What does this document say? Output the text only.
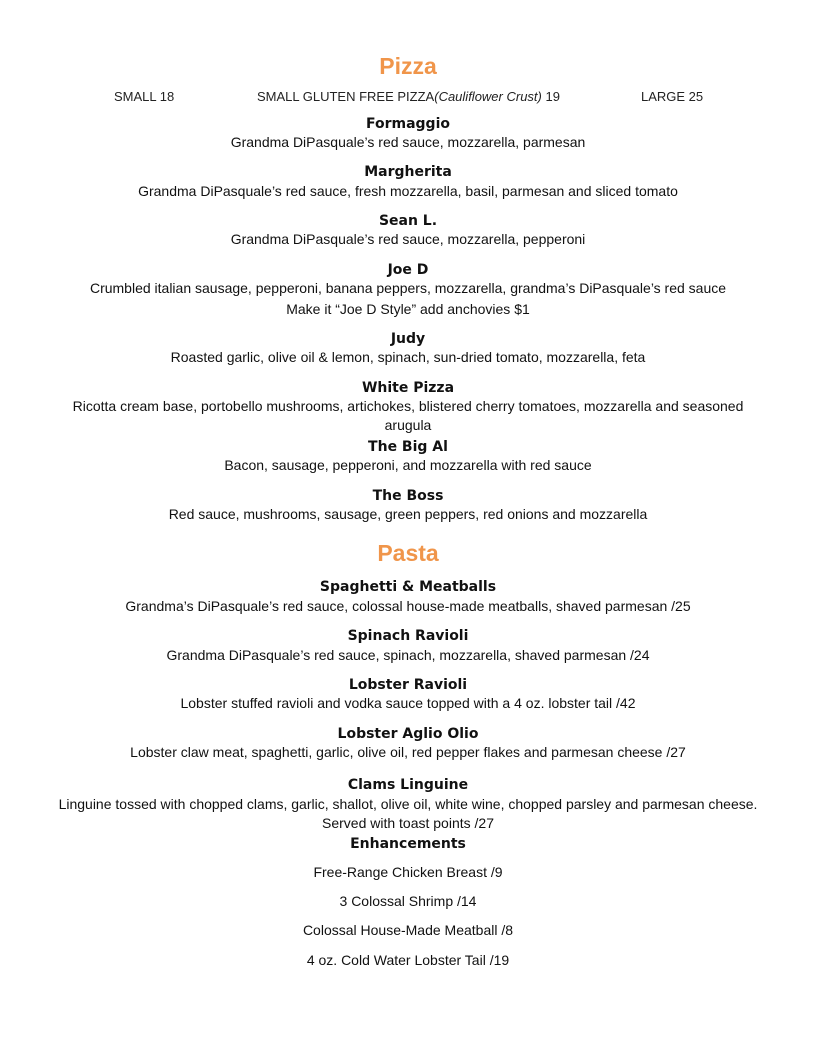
Pizza
SMALL 18	SMALL GLUTEN FREE PIZZA(Cauliflower Crust) 19	LARGE 25
Formaggio
Grandma DiPasquale’s red sauce, mozzarella, parmesan
Margherita
Grandma DiPasquale’s red sauce, fresh mozzarella, basil, parmesan and sliced tomato
Sean L.
Grandma DiPasquale’s red sauce, mozzarella, pepperoni
Joe D
Crumbled italian sausage, pepperoni, banana peppers, mozzarella, grandma’s DiPasquale’s red sauce
Make it “Joe D Style” add anchovies $1
Judy
Roasted garlic, olive oil & lemon, spinach, sun-dried tomato, mozzarella, feta
White Pizza
Ricotta cream base, portobello mushrooms, artichokes, blistered cherry tomatoes, mozzarella and seasoned arugula
The Big Al
Bacon, sausage, pepperoni, and mozzarella with red sauce
The Boss
Red sauce, mushrooms, sausage, green peppers, red onions and mozzarella
Pasta
Spaghetti & Meatballs
Grandma’s DiPasquale’s red sauce, colossal house-made meatballs, shaved parmesan /25
Spinach Ravioli
Grandma DiPasquale’s red sauce, spinach, mozzarella, shaved parmesan /24
Lobster Ravioli
Lobster stuffed ravioli and vodka sauce topped with a 4 oz. lobster tail /42
Lobster Aglio Olio
Lobster claw meat, spaghetti, garlic, olive oil, red pepper flakes and parmesan cheese /27
Clams Linguine
Linguine tossed with chopped clams, garlic, shallot, olive oil, white wine, chopped parsley and parmesan cheese. Served with toast points /27
Enhancements
Free-Range Chicken Breast /9
3 Colossal Shrimp /14
Colossal House-Made Meatball /8
4 oz. Cold Water Lobster Tail /19
